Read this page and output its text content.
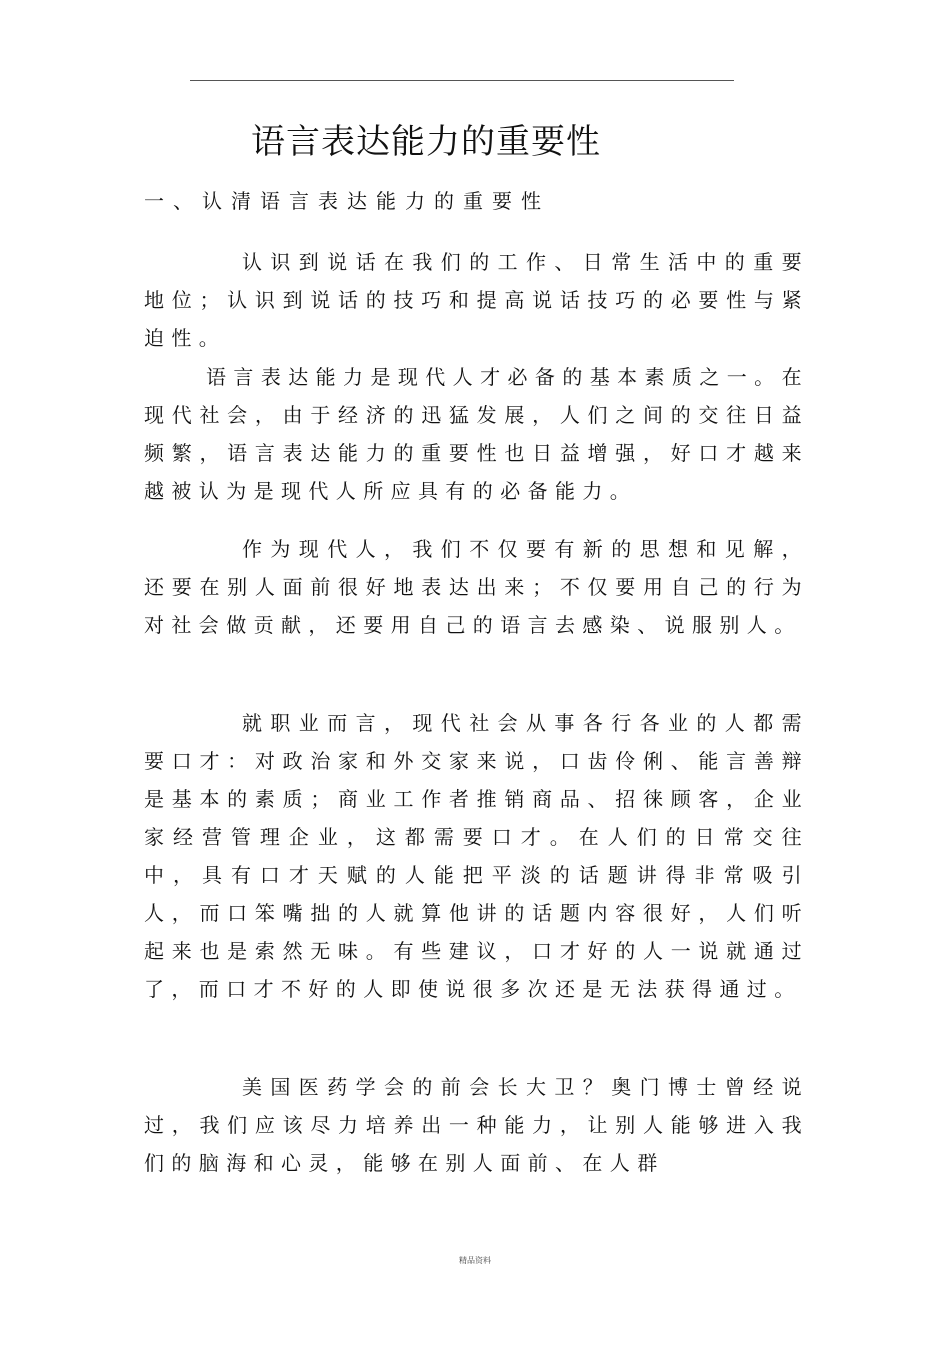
语言表达能力的重要性
一、认清语言表达能力的重要性

认识到说话在我们的工作、日常生活中的重要地位；认识到说话的技巧和提高说话技巧的必要性与紧迫性。

语言表达能力是现代人才必备的基本素质之一。在现代社会，由于经济的迅猛发展，人们之间的交往日益频繁，语言表达能力的重要性也日益增强，好口才越来越被认为是现代人所应具有的必备能力。

作为现代人，我们不仅要有新的思想和见解，还要在别人面前很好地表达出来；不仅要用自己的行为对社会做贡献，还要用自己的语言去感染、说服别人。

就职业而言，现代社会从事各行各业的人都需要口才：对政治家和外交家来说，口齿伶俐、能言善辩是基本的素质；商业工作者推销商品、招徕顾客，企业家经营管理企业，这都需要口才。在人们的日常交往中，具有口才天赋的人能把平淡的话题讲得非常吸引人，而口笨嘴拙的人就算他讲的话题内容很好，人们听起来也是索然无味。有些建议，口才好的人一说就通过了，而口才不好的人即使说很多次还是无法获得通过。

美国医药学会的前会长大卫？奥门博士曾经说过，我们应该尽力培养出一种能力，让别人能够进入我们的脑海和心灵，能够在别人面前、在人群

精品资料
